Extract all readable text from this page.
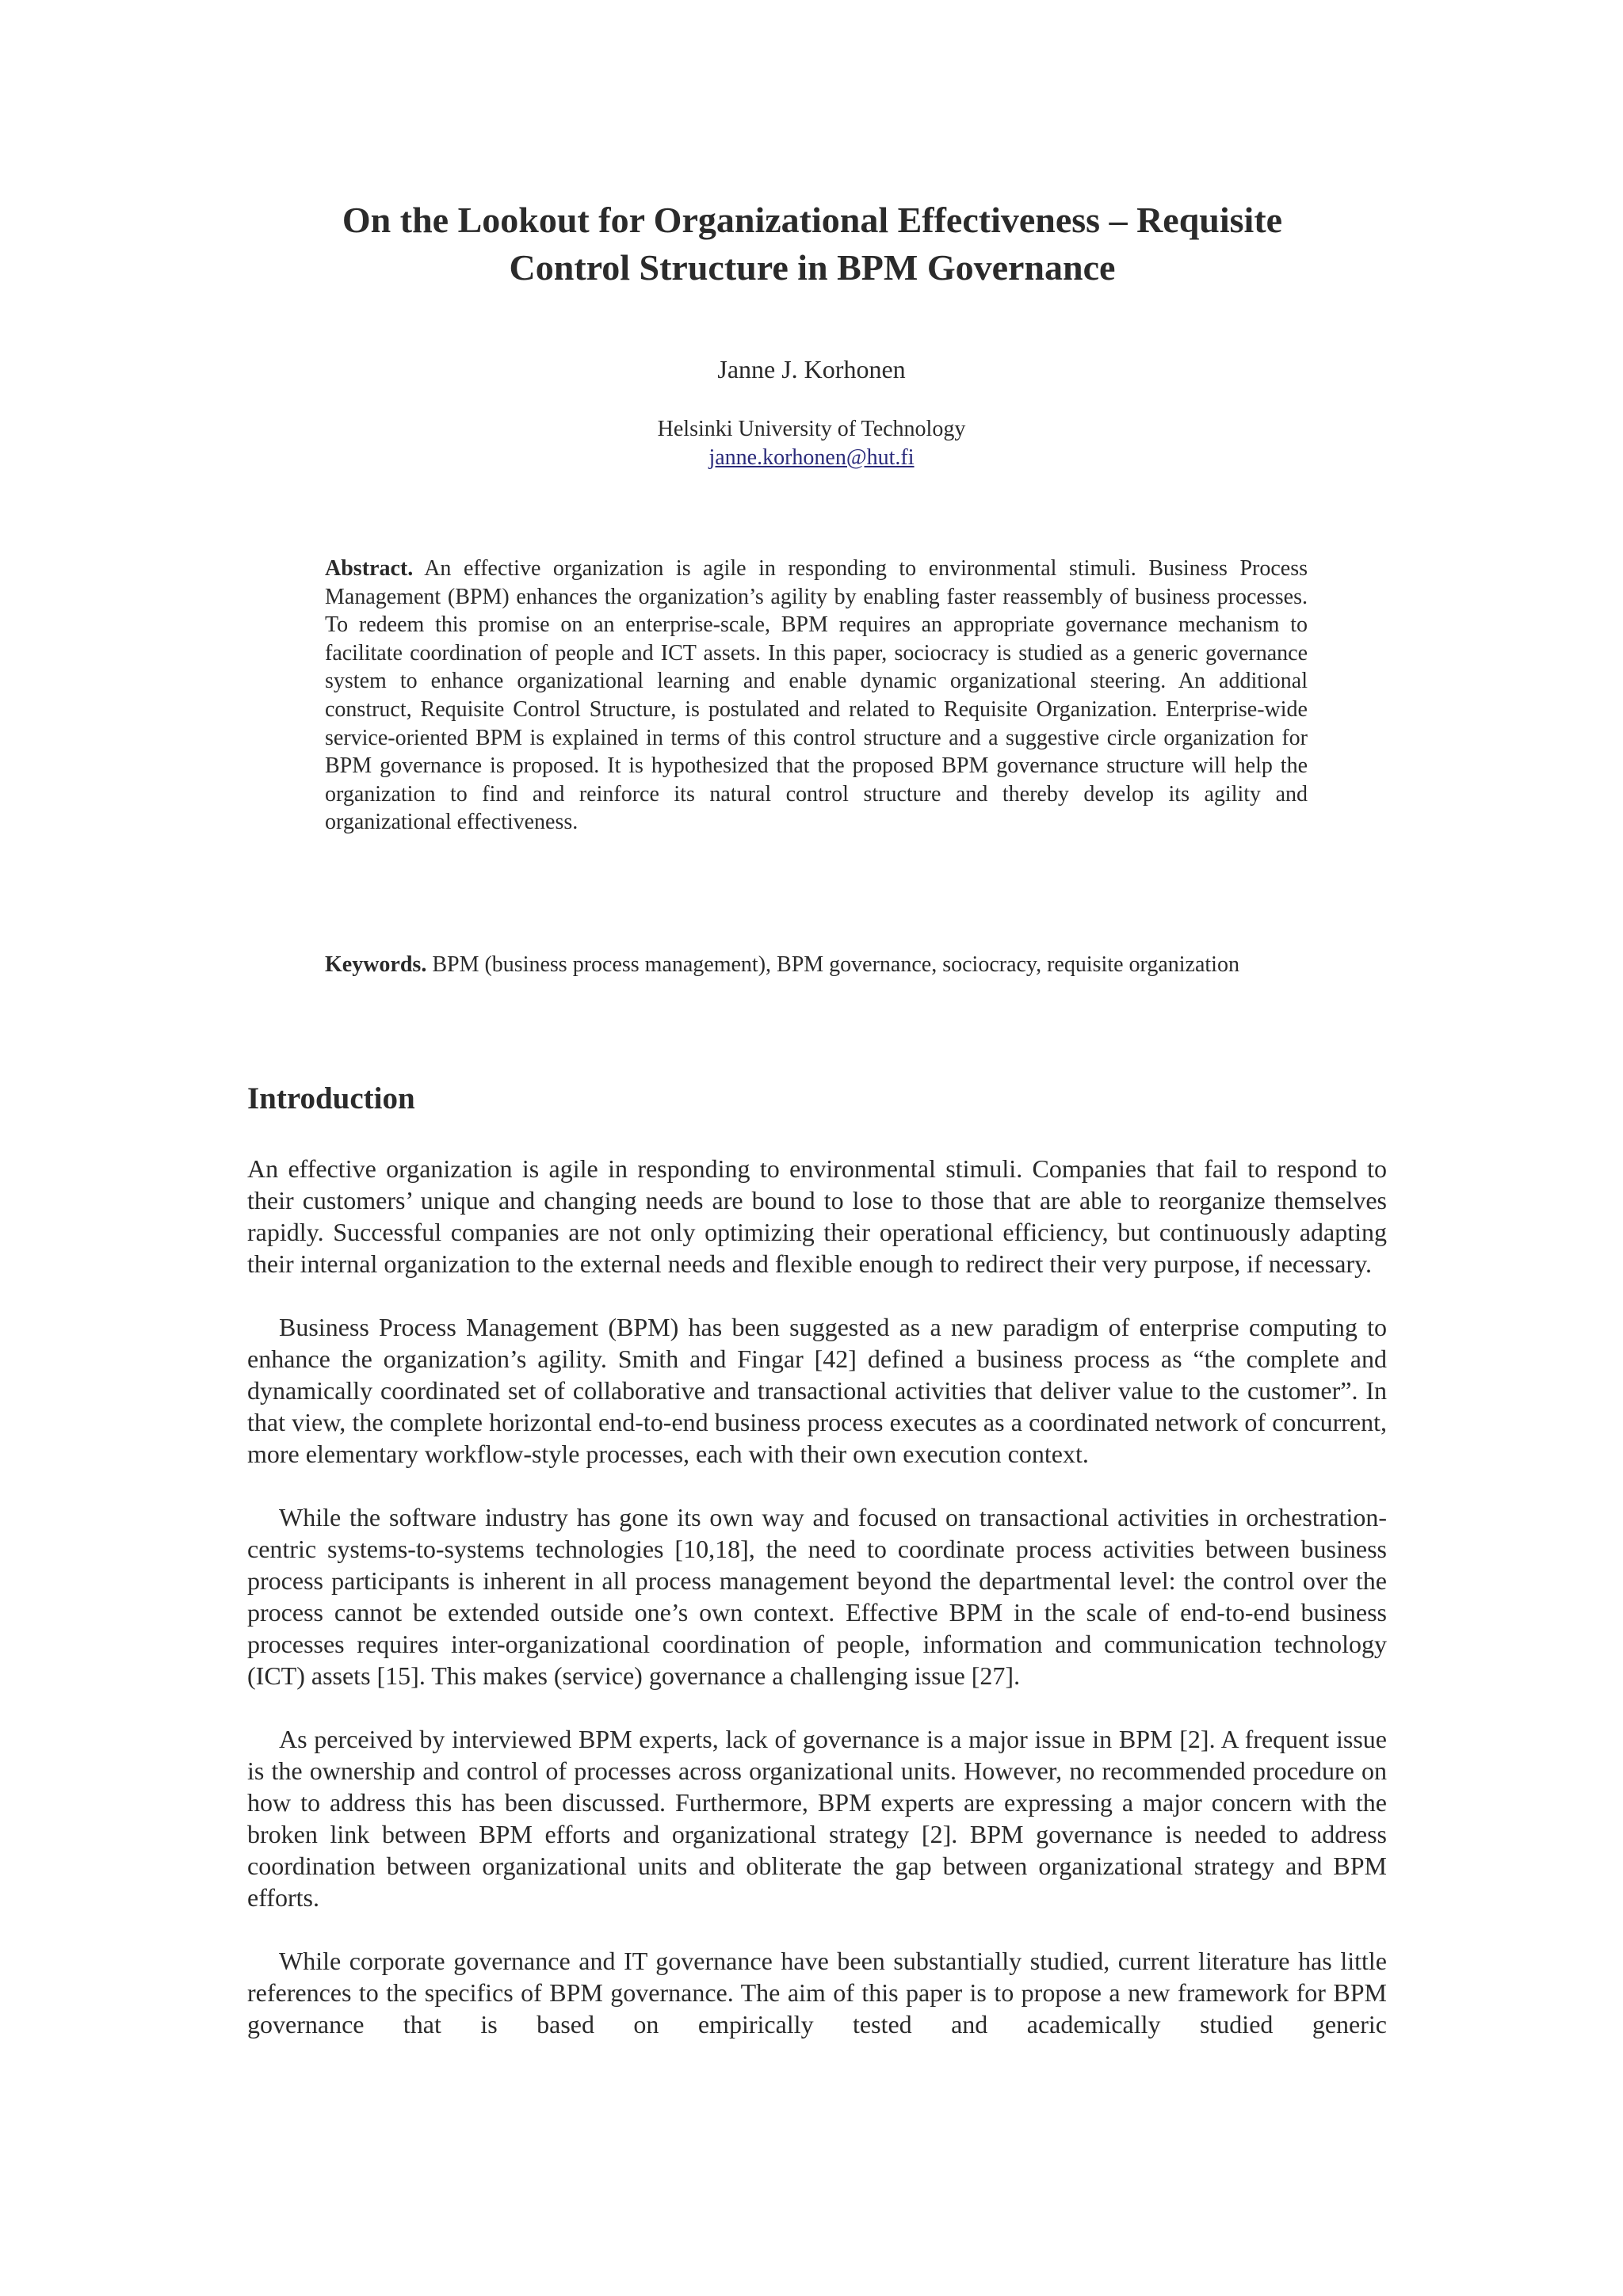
On the Lookout for Organizational Effectiveness – Requisite Control Structure in BPM Governance
Janne J. Korhonen
Helsinki University of Technology
janne.korhonen@hut.fi
Abstract. An effective organization is agile in responding to environmental stimuli. Business Process Management (BPM) enhances the organization’s agility by enabling faster reassembly of business processes. To redeem this promise on an enterprise-scale, BPM requires an appropriate governance mechanism to facilitate coordination of people and ICT assets. In this paper, sociocracy is studied as a generic governance system to enhance organizational learning and enable dynamic organizational steering. An additional construct, Requisite Control Structure, is postulated and related to Requisite Organization. Enterprise-wide service-oriented BPM is explained in terms of this control structure and a suggestive circle organization for BPM governance is proposed. It is hypothesized that the proposed BPM governance structure will help the organization to find and reinforce its natural control structure and thereby develop its agility and organizational effectiveness.
Keywords. BPM (business process management), BPM governance, sociocracy, requisite organization
Introduction

An effective organization is agile in responding to environmental stimuli. Companies that fail to respond to their customers’ unique and changing needs are bound to lose to those that are able to reorganize themselves rapidly. Successful companies are not only optimizing their operational efficiency, but continuously adapting their internal organization to the external needs and flexible enough to redirect their very purpose, if necessary.

Business Process Management (BPM) has been suggested as a new paradigm of enterprise computing to enhance the organization’s agility. Smith and Fingar [42] defined a business process as “the complete and dynamically coordinated set of collaborative and transactional activities that deliver value to the customer”. In that view, the complete horizontal end-to-end business process executes as a coordinated network of concurrent, more elementary workflow-style processes, each with their own execution context.

While the software industry has gone its own way and focused on transactional activities in orchestration-centric systems-to-systems technologies [10,18], the need to coordinate process activities between business process participants is inherent in all process management beyond the departmental level: the control over the process cannot be extended outside one’s own context. Effective BPM in the scale of end-to-end business processes requires inter-organizational coordination of people, information and communication technology (ICT) assets [15]. This makes (service) governance a challenging issue [27].

As perceived by interviewed BPM experts, lack of governance is a major issue in BPM [2]. A frequent issue is the ownership and control of processes across organizational units. However, no recommended procedure on how to address this has been discussed. Furthermore, BPM experts are expressing a major concern with the broken link between BPM efforts and organizational strategy [2]. BPM governance is needed to address coordination between organizational units and obliterate the gap between organizational strategy and BPM efforts.

While corporate governance and IT governance have been substantially studied, current literature has little references to the specifics of BPM governance. The aim of this paper is to propose a new framework for BPM governance that is based on empirically tested and academically studied generic
